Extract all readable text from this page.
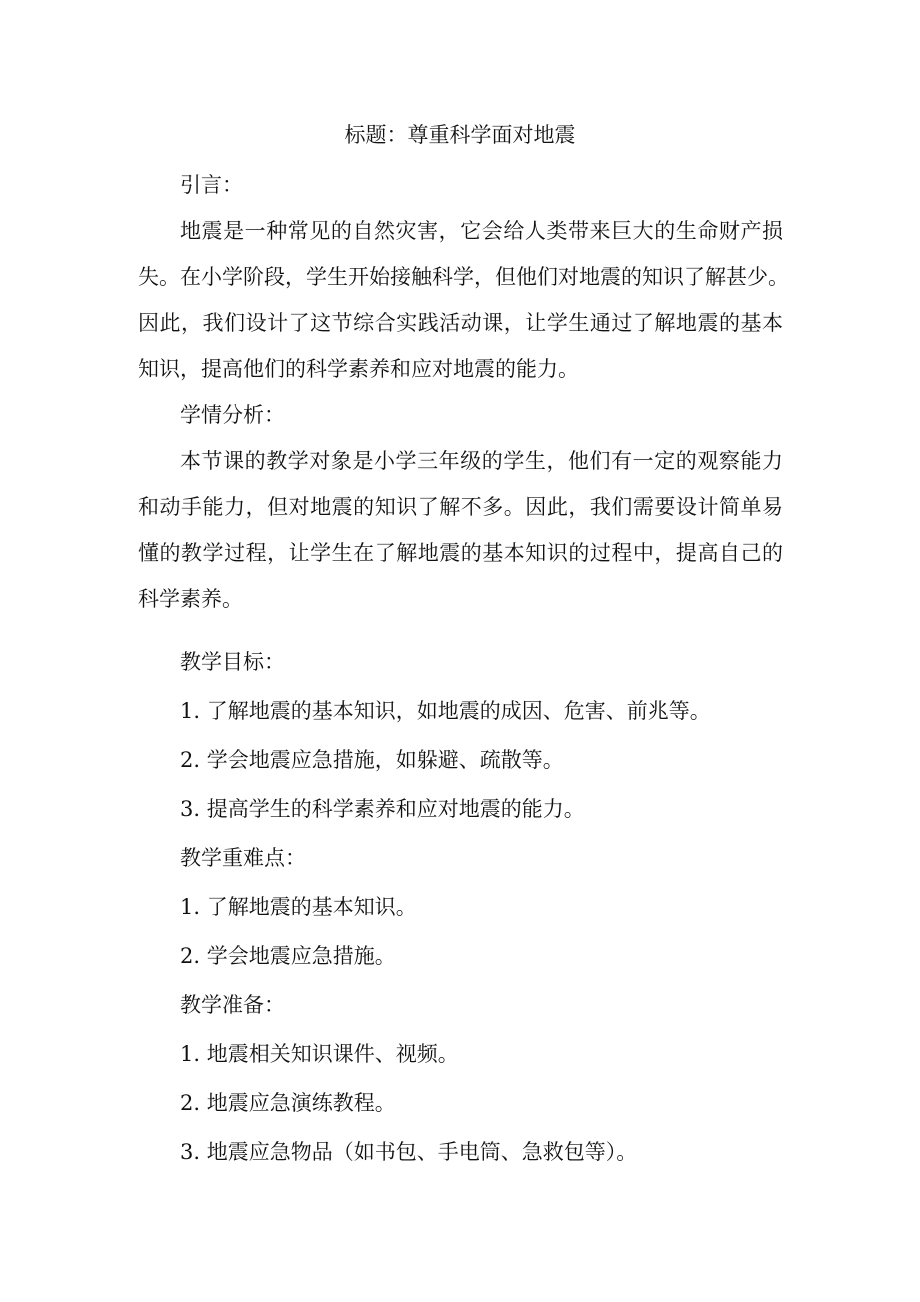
标题：尊重科学面对地震
引言：
地震是一种常见的自然灾害，它会给人类带来巨大的生命财产损
失。在小学阶段，学生开始接触科学，但他们对地震的知识了解甚少。
因此，我们设计了这节综合实践活动课，让学生通过了解地震的基本
知识，提高他们的科学素养和应对地震的能力。
学情分析：
本节课的教学对象是小学三年级的学生，他们有一定的观察能力
和动手能力，但对地震的知识了解不多。因此，我们需要设计简单易
懂的教学过程，让学生在了解地震的基本知识的过程中，提高自己的
科学素养。
教学目标：
1. 了解地震的基本知识，如地震的成因、危害、前兆等。
2. 学会地震应急措施，如躲避、疏散等。
3. 提高学生的科学素养和应对地震的能力。
教学重难点：
1. 了解地震的基本知识。
2. 学会地震应急措施。
教学准备：
1. 地震相关知识课件、视频。
2. 地震应急演练教程。
3. 地震应急物品（如书包、手电筒、急救包等）。
